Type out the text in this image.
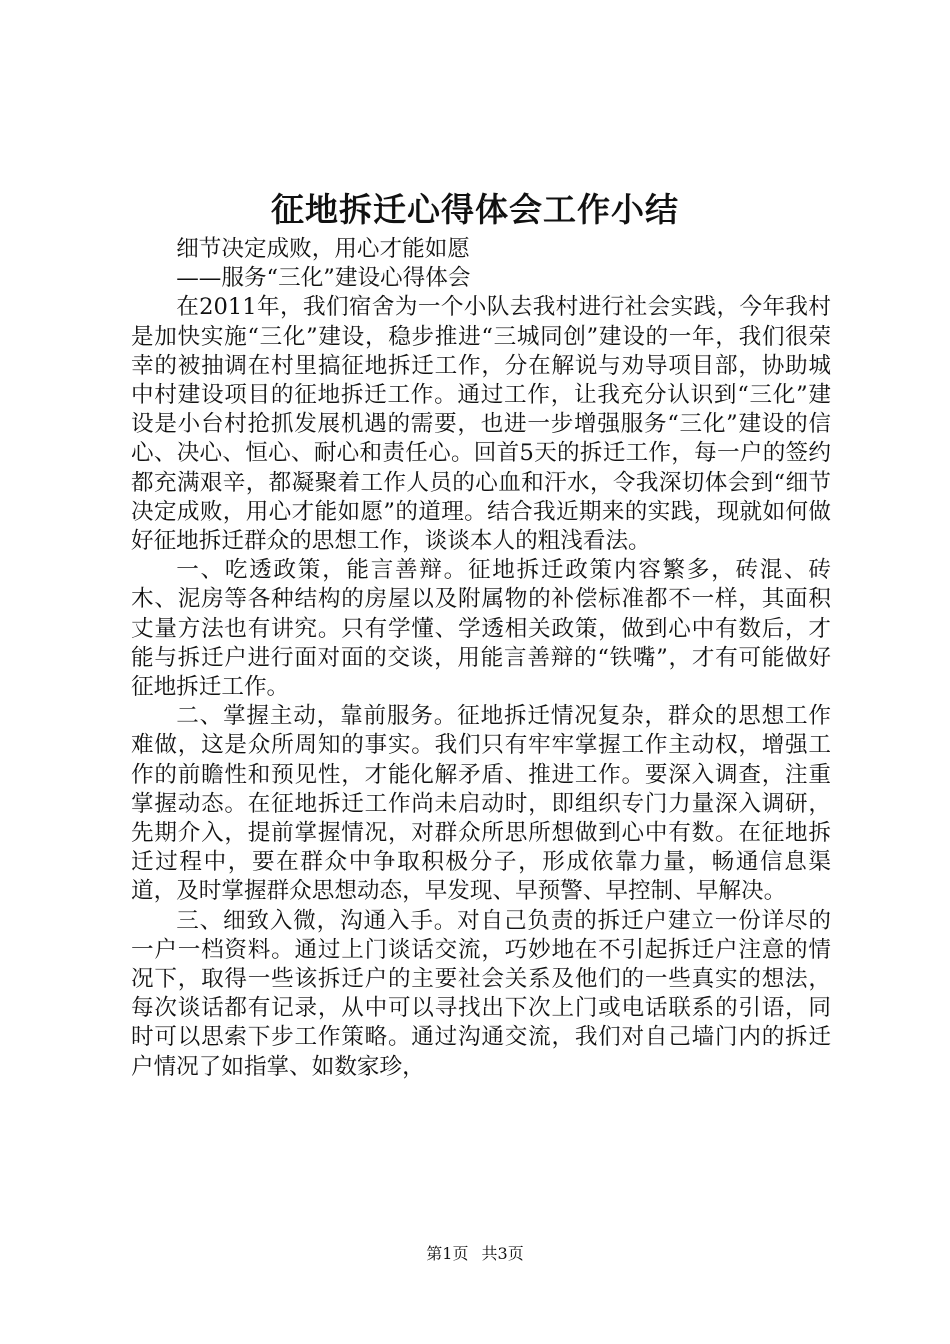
征地拆迁心得体会工作小结

细节决定成败，用心才能如愿

——服务“三化”建设心得体会

在2011年，我们宿舍为一个小队去我村进行社会实践，今年我村是加快实施“三化”建设，稳步推进“三城同创”建设的一年，我们很荣幸的被抽调在村里搞征地拆迁工作，分在解说与劝导项目部，协助城中村建设项目的征地拆迁工作。通过工作，让我充分认识到“三化”建设是小台村抢抓发展机遇的需要，也进一步增强服务“三化”建设的信心、决心、恒心、耐心和责任心。回首5天的拆迁工作，每一户的签约都充满艰辛，都凝聚着工作人员的心血和汗水，令我深切体会到“细节决定成败，用心才能如愿”的道理。结合我近期来的实践，现就如何做好征地拆迁群众的思想工作，谈谈本人的粗浅看法。

一、吃透政策，能言善辩。征地拆迁政策内容繁多，砖混、砖木、泥房等各种结构的房屋以及附属物的补偿标准都不一样，其面积丈量方法也有讲究。只有学懂、学透相关政策，做到心中有数后，才能与拆迁户进行面对面的交谈，用能言善辩的“铁嘴”，才有可能做好征地拆迁工作。

二、掌握主动，靠前服务。征地拆迁情况复杂，群众的思想工作难做，这是众所周知的事实。我们只有牢牢掌握工作主动权，增强工作的前瞻性和预见性，才能化解矛盾、推进工作。要深入调查，注重掌握动态。在征地拆迁工作尚未启动时，即组织专门力量深入调研，先期介入，提前掌握情况，对群众所思所想做到心中有数。在征地拆迁过程中，要在群众中争取积极分子，形成依靠力量，畅通信息渠道，及时掌握群众思想动态，早发现、早预警、早控制、早解决。

三、细致入微，沟通入手。对自己负责的拆迁户建立一份详尽的一户一档资料。通过上门谈话交流，巧妙地在不引起拆迁户注意的情况下，取得一些该拆迁户的主要社会关系及他们的一些真实的想法，每次谈话都有记录，从中可以寻找出下次上门或电话联系的引语，同时可以思索下步工作策略。通过沟通交流，我们对自己墙门内的拆迁户情况了如指掌、如数家珍，

第1页 共3页
